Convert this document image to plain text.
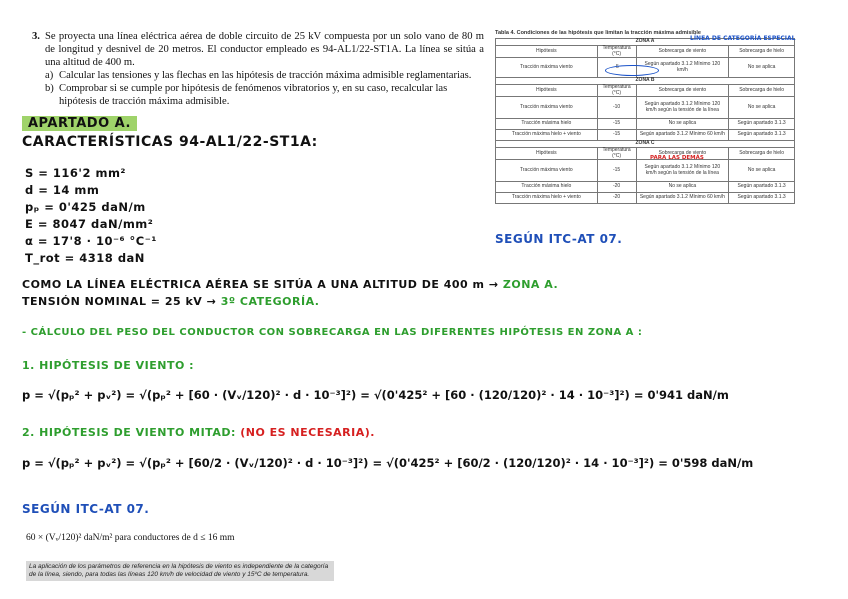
3. Se proyecta una línea eléctrica aérea de doble circuito de 25 kV compuesta por un solo vano de 80 m de longitud y desnivel de 20 metros. El conductor empleado es 94-AL1/22-ST1A. La línea se sitúa a una altitud de 400 m.
a) Calcular las tensiones y las flechas en las hipótesis de tracción máxima admisible reglamentarias.
b) Comprobar si se cumple por hipótesis de fenómenos vibratorios y, en su caso, recalcular las hipótesis de tracción máxima admisible.
Tabla 4. Condiciones de las hipótesis que limitan la tracción máxima admisible
ZONA A			
Hipótesis	Temperatura (°C)	Sobrecarga de viento	Sobrecarga de hielo
Tracción máxima viento	-5	Según apartado 3.1.2 Mínimo 120 km/h	No se aplica
ZONA B			
Hipótesis	Temperatura (°C)	Sobrecarga de viento	Sobrecarga de hielo
Tracción máxima viento	-10	Según apartado 3.1.2 Mínimo 120 km/h según la tensión de la línea	No se aplica
Tracción máxima hielo	-15	No se aplica	Según apartado 3.1.3
Tracción máxima hielo + viento	-15	Según apartado 3.1.2 Mínimo 60 km/h	Según apartado 3.1.3
ZONA C			
Hipótesis	Temperatura (°C)	Sobrecarga de viento	Sobrecarga de hielo
Tracción máxima viento	-15	Según apartado 3.1.2 Mínimo 120 km/h según la tensión de la línea	No se aplica
Tracción máxima hielo	-20	No se aplica	Según apartado 3.1.3
Tracción máxima hielo + viento	-20	Según apartado 3.1.2 Mínimo 60 km/h	Según apartado 3.1.3
LÍNEA DE CATEGORÍA ESPECIAL
PARA LAS DEMÁS
APARTADO A.
CARACTERÍSTICAS 94-AL1/22-ST1A:
S = 116'2 mm²
d = 14 mm
pₚ = 0'425 daN/m
E = 8047 daN/mm²
α = 17'8 · 10⁻⁶ °C⁻¹
T_rot = 4318 daN
SEGÚN ITC-AT 07.
COMO LA LÍNEA ELÉCTRICA AÉREA SE SITÚA A UNA ALTITUD DE 400 m → ZONA A.
TENSIÓN NOMINAL = 25 kV → 3º CATEGORÍA.
- CÁLCULO DEL PESO DEL CONDUCTOR CON SOBRECARGA EN LAS DIFERENTES HIPÓTESIS EN ZONA A :
1. HIPÓTESIS DE VIENTO :
p = √(pₚ² + pᵥ²) = √(pₚ² + [60 · (Vᵥ/120)² · d · 10⁻³]²) = √(0'425² + [60 · (120/120)² · 14 · 10⁻³]²) = 0'941 daN/m
2. HIPÓTESIS DE VIENTO MITAD: (NO ES NECESARIA).
p = √(pₚ² + pᵥ²) = √(pₚ² + [60/2 · (Vᵥ/120)² · d · 10⁻³]²) = √(0'425² + [60/2 · (120/120)² · 14 · 10⁻³]²) = 0'598 daN/m
SEGÚN ITC-AT 07.
60 × (Vᵥ/120)² daN/m² para conductores de d ≤ 16 mm
La aplicación de los parámetros de referencia en la hipótesis de viento es independiente de la categoría de la línea, siendo, para todas las líneas 120 km/h de velocidad de viento y 15ºC de temperatura.
